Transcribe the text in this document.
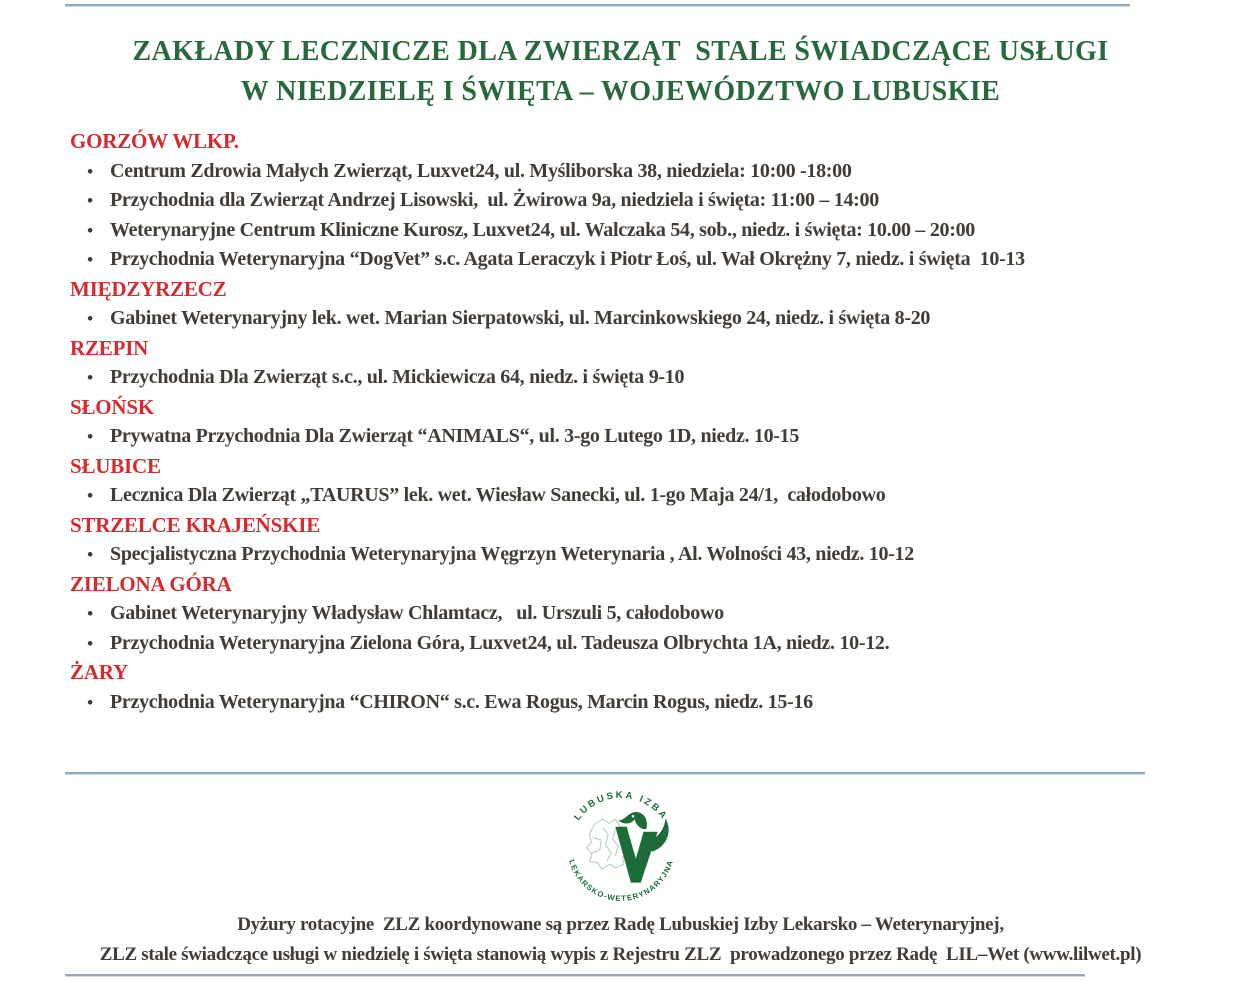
ZAKŁADY LECZNICZE DLA ZWIERZĄT  STALE ŚWIADCZĄCE USŁUGI
W NIEDZIELĘ I ŚWIĘTA – WOJEWÓDZTWO LUBUSKIE
GORZÓW WLKP.
• Centrum Zdrowia Małych Zwierząt, Luxvet24, ul. Myśliborska 38, niedziela: 10:00 -18:00
• Przychodnia dla Zwierząt Andrzej Lisowski,  ul. Żwirowa 9a, niedziela i święta: 11:00 – 14:00
• Weterynaryjne Centrum Kliniczne Kurosz, Luxvet24, ul. Walczaka 54, sob., niedz. i święta: 10.00 – 20:00
• Przychodnia Weterynaryjna “DogVet” s.c. Agata Leraczyk i Piotr Łoś, ul. Wał Okrężny 7, niedz. i święta  10-13
MIĘDZYRZECZ
• Gabinet Weterynaryjny lek. wet. Marian Sierpatowski, ul. Marcinkowskiego 24, niedz. i święta 8-20
RZEPIN
• Przychodnia Dla Zwierząt s.c., ul. Mickiewicza 64, niedz. i święta 9-10
SŁOŃSK
• Prywatna Przychodnia Dla Zwierząt “ANIMALS“, ul. 3-go Lutego 1D, niedz. 10-15
SŁUBICE
• Lecznica Dla Zwierząt „TAURUS” lek. wet. Wiesław Sanecki, ul. 1-go Maja 24/1,  całodobowo
STRZELCE KRAJEŃSKIE
• Specjalistyczna Przychodnia Weterynaryjna Węgrzyn Weterynaria , Al. Wolności 43, niedz. 10-12
ZIELONA GÓRA
• Gabinet Weterynaryjny Władysław Chlamtacz,   ul. Urszuli 5, całodobowo
• Przychodnia Weterynaryjna Zielona Góra, Luxvet24, ul. Tadeusza Olbrychta 1A, niedz. 10-12.
ŻARY
• Przychodnia Weterynaryjna “CHIRON“ s.c. Ewa Rogus, Marcin Rogus, niedz. 15-16
LUBUSKA IZBA
LEKARSKO-WETERYNARYJNA

Dyżury rotacyjne  ZLZ koordynowane są przez Radę Lubuskiej Izby Lekarsko – Weterynaryjnej,

ZLZ stale świadczące usługi w niedzielę i święta stanowią wypis z Rejestru ZLZ  prowadzonego przez Radę  LIL–Wet (www.lilwet.pl)
